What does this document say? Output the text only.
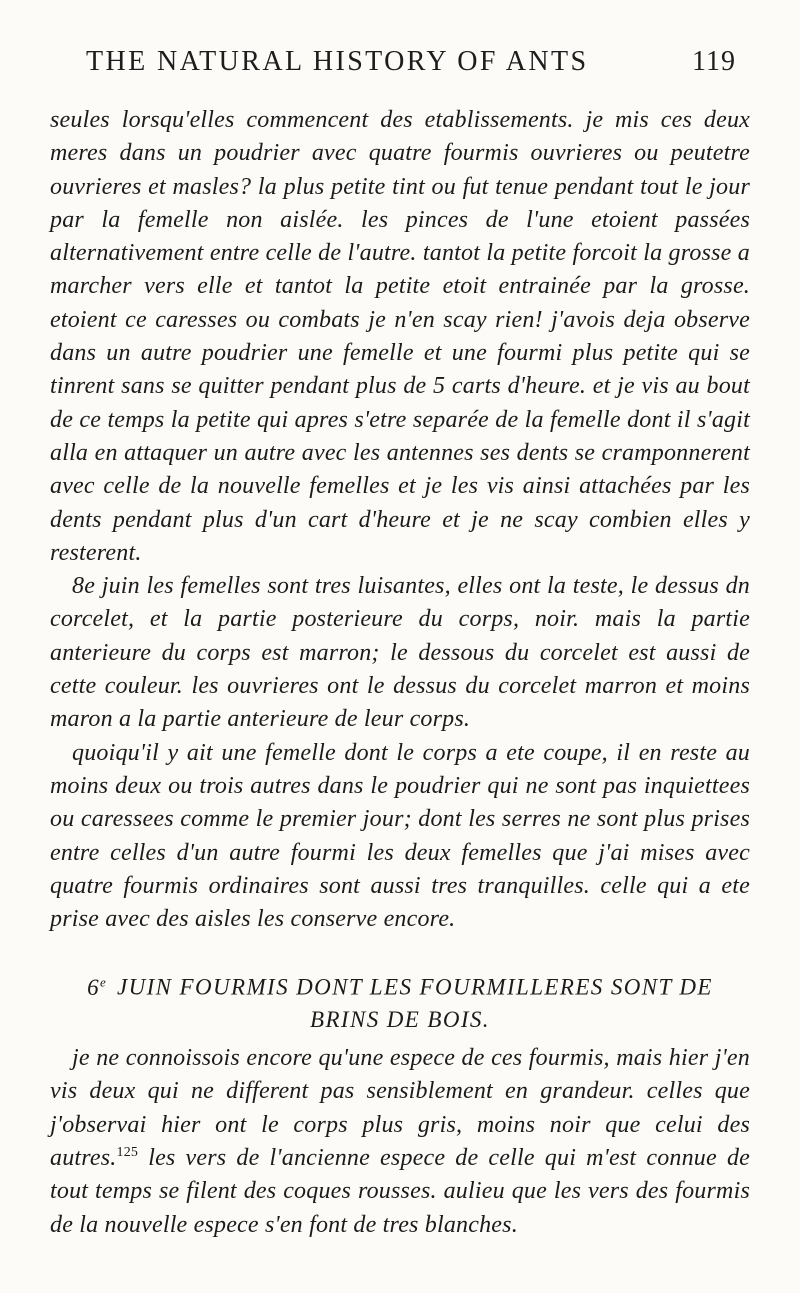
THE NATURAL HISTORY OF ANTS	119

seules lorsqu'elles commencent des etablissements. je mis ces deux meres dans un poudrier avec quatre fourmis ouvrieres ou peutetre ouvrieres et masles? la plus petite tint ou fut tenue pendant tout le jour par la femelle non aislée. les pinces de l'une etoient passées alternativement entre celle de l'autre. tantot la petite forcoit la grosse a marcher vers elle et tantot la petite etoit entrainée par la grosse. etoient ce caresses ou combats je n'en scay rien! j'avois deja observe dans un autre poudrier une femelle et une fourmi plus petite qui se tinrent sans se quitter pendant plus de 5 carts d'heure. et je vis au bout de ce temps la petite qui apres s'etre separée de la femelle dont il s'agit alla en attaquer un autre avec les antennes ses dents se cramponnerent avec celle de la nouvelle femelles et je les vis ainsi attachées par les dents pendant plus d'un cart d'heure et je ne scay combien elles y resterent.

8e juin les femelles sont tres luisantes, elles ont la teste, le dessus dn corcelet, et la partie posterieure du corps, noir. mais la partie anterieure du corps est marron; le dessous du corcelet est aussi de cette couleur. les ouvrieres ont le dessus du corcelet marron et moins maron a la partie anterieure de leur corps.

quoiqu'il y ait une femelle dont le corps a ete coupe, il en reste au moins deux ou trois autres dans le poudrier qui ne sont pas inquiettees ou caressees comme le premier jour; dont les serres ne sont plus prises entre celles d'un autre fourmi les deux femelles que j'ai mises avec quatre fourmis ordinaires sont aussi tres tranquilles. celle qui a ete prise avec des aisles les conserve encore.

6e JUIN FOURMIS DONT LES FOURMILLERES SONT DE BRINS DE BOIS.

je ne connoissois encore qu'une espece de ces fourmis, mais hier j'en vis deux qui ne different pas sensiblement en grandeur. celles que j'observai hier ont le corps plus gris, moins noir que celui des autres.$^{125}$ les vers de l'ancienne espece de celle qui m'est connue de tout temps se filent des coques rousses. aulieu que les vers des fourmis de la nouvelle espece s'en font de tres blanches.
